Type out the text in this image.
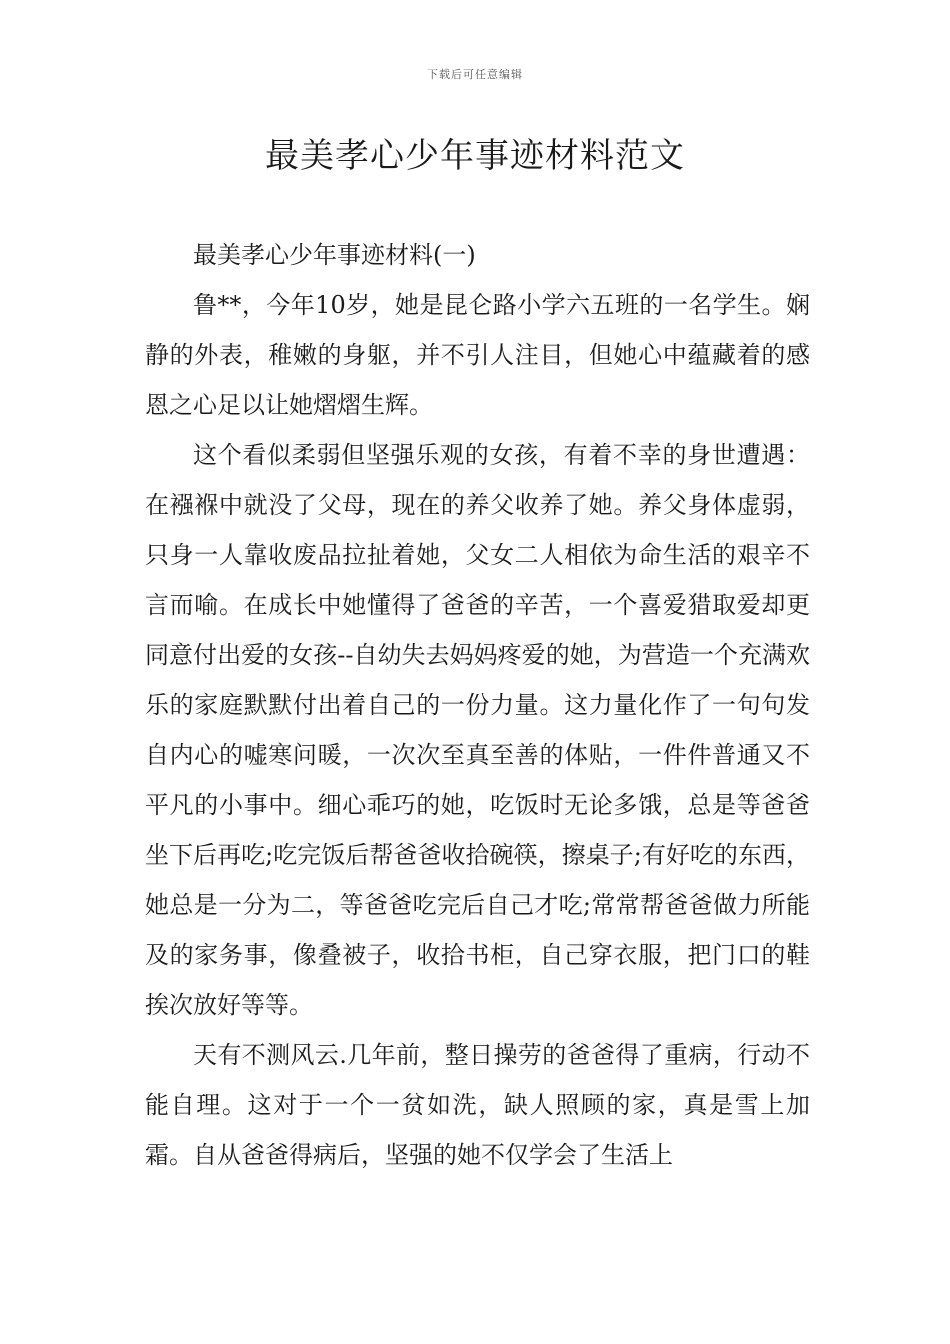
下载后可任意编辑
最美孝心少年事迹材料范文

最美孝心少年事迹材料(一)

鲁**，今年10岁，她是昆仑路小学六五班的一名学生。娴静的外表，稚嫩的身躯，并不引人注目，但她心中蕴藏着的感恩之心足以让她熠熠生辉。

这个看似柔弱但坚强乐观的女孩，有着不幸的身世遭遇：在襁褓中就没了父母，现在的养父收养了她。养父身体虚弱，只身一人靠收废品拉扯着她，父女二人相依为命生活的艰辛不言而喻。在成长中她懂得了爸爸的辛苦，一个喜爱猎取爱却更同意付出爱的女孩--自幼失去妈妈疼爱的她，为营造一个充满欢乐的家庭默默付出着自己的一份力量。这力量化作了一句句发自内心的嘘寒问暖，一次次至真至善的体贴，一件件普通又不平凡的小事中。细心乖巧的她，吃饭时无论多饿，总是等爸爸坐下后再吃;吃完饭后帮爸爸收拾碗筷，擦桌子;有好吃的东西，她总是一分为二，等爸爸吃完后自己才吃;常常帮爸爸做力所能及的家务事，像叠被子，收拾书柜，自己穿衣服，把门口的鞋挨次放好等等。

天有不测风云.几年前，整日操劳的爸爸得了重病，行动不能自理。这对于一个一贫如洗，缺人照顾的家，真是雪上加霜。自从爸爸得病后，坚强的她不仅学会了生活上
